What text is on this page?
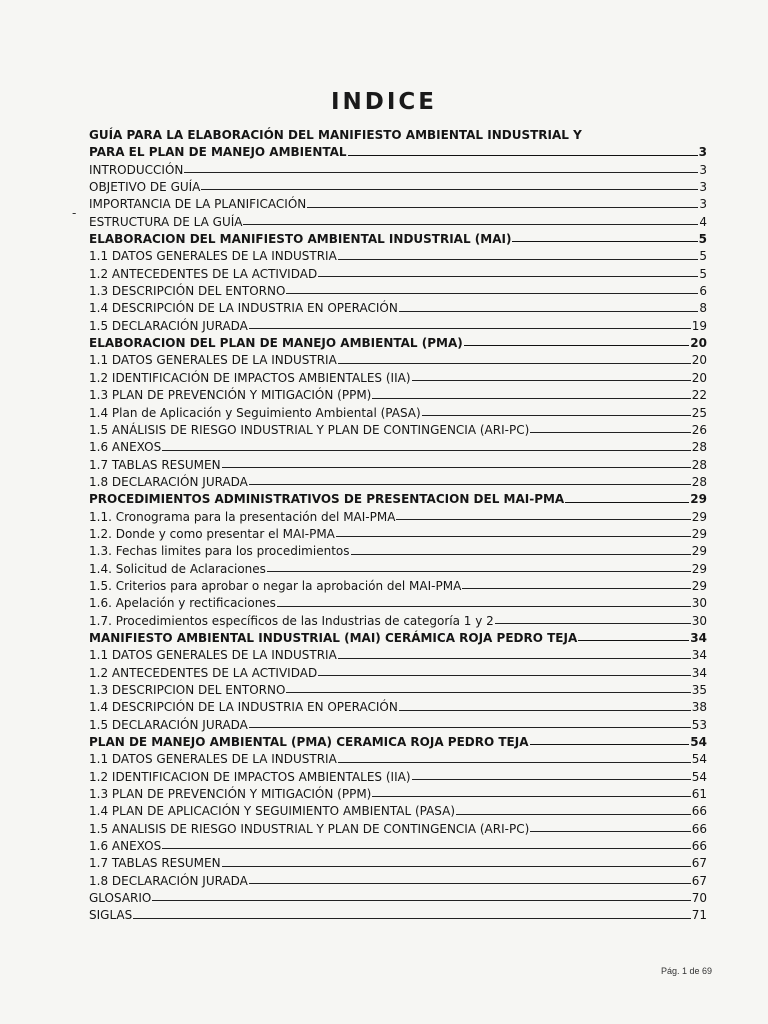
INDICE
-
GUÍA PARA LA ELABORACIÓN DEL MANIFIESTO AMBIENTAL INDUSTRIAL Y
PARA EL PLAN DE MANEJO AMBIENTAL	3
INTRODUCCIÓN	3
OBJETIVO DE GUÍA	3
IMPORTANCIA DE LA PLANIFICACIÓN	3
ESTRUCTURA DE LA GUÍA	4
ELABORACION DEL MANIFIESTO AMBIENTAL INDUSTRIAL (MAI)	5
1.1 DATOS GENERALES DE LA INDUSTRIA	5
1.2 ANTECEDENTES DE LA ACTIVIDAD	5
1.3 DESCRIPCIÓN DEL ENTORNO	6
1.4 DESCRIPCIÓN DE LA INDUSTRIA EN OPERACIÓN	8
1.5 DECLARACIÓN JURADA	19
ELABORACION DEL PLAN DE MANEJO AMBIENTAL (PMA)	20
1.1 DATOS GENERALES DE LA INDUSTRIA	20
1.2 IDENTIFICACIÓN DE IMPACTOS AMBIENTALES (IIA)	20
1.3 PLAN DE PREVENCIÓN Y MITIGACIÓN (PPM)	22
1.4 Plan de Aplicación y Seguimiento Ambiental (PASA)	25
1.5 ANÁLISIS DE RIESGO INDUSTRIAL Y PLAN DE CONTINGENCIA (ARI-PC)	26
1.6 ANEXOS	28
1.7 TABLAS RESUMEN	28
1.8 DECLARACIÓN JURADA	28
PROCEDIMIENTOS ADMINISTRATIVOS DE PRESENTACION DEL MAI-PMA	29
1.1. Cronograma para la presentación del MAI-PMA	29
1.2. Donde y como presentar el MAI-PMA	29
1.3. Fechas limites para los procedimientos	29
1.4. Solicitud de Aclaraciones	29
1.5. Criterios para aprobar o negar la aprobación del MAI-PMA	29
1.6. Apelación y rectificaciones	30
1.7. Procedimientos específicos de las Industrias de categoría 1 y 2	30
MANIFIESTO AMBIENTAL INDUSTRIAL (MAI) CERÁMICA ROJA PEDRO TEJA	34
1.1 DATOS GENERALES DE LA INDUSTRIA	34
1.2 ANTECEDENTES DE LA ACTIVIDAD	34
1.3 DESCRIPCION DEL ENTORNO	35
1.4 DESCRIPCIÓN DE LA INDUSTRIA EN OPERACIÓN	38
1.5 DECLARACIÓN JURADA	53
PLAN DE MANEJO AMBIENTAL (PMA) CERAMICA ROJA PEDRO TEJA	54
1.1 DATOS GENERALES DE LA INDUSTRIA	54
1.2 IDENTIFICACION DE IMPACTOS AMBIENTALES (IIA)	54
1.3 PLAN DE PREVENCIÓN Y MITIGACIÓN (PPM)	61
1.4 PLAN DE APLICACIÓN Y SEGUIMIENTO AMBIENTAL (PASA)	66
1.5 ANALISIS DE RIESGO INDUSTRIAL Y PLAN DE CONTINGENCIA (ARI-PC)	66
1.6 ANEXOS	66
1.7 TABLAS RESUMEN	67
1.8 DECLARACIÓN JURADA	67
GLOSARIO	70
SIGLAS	71
Pág. 1 de 69
